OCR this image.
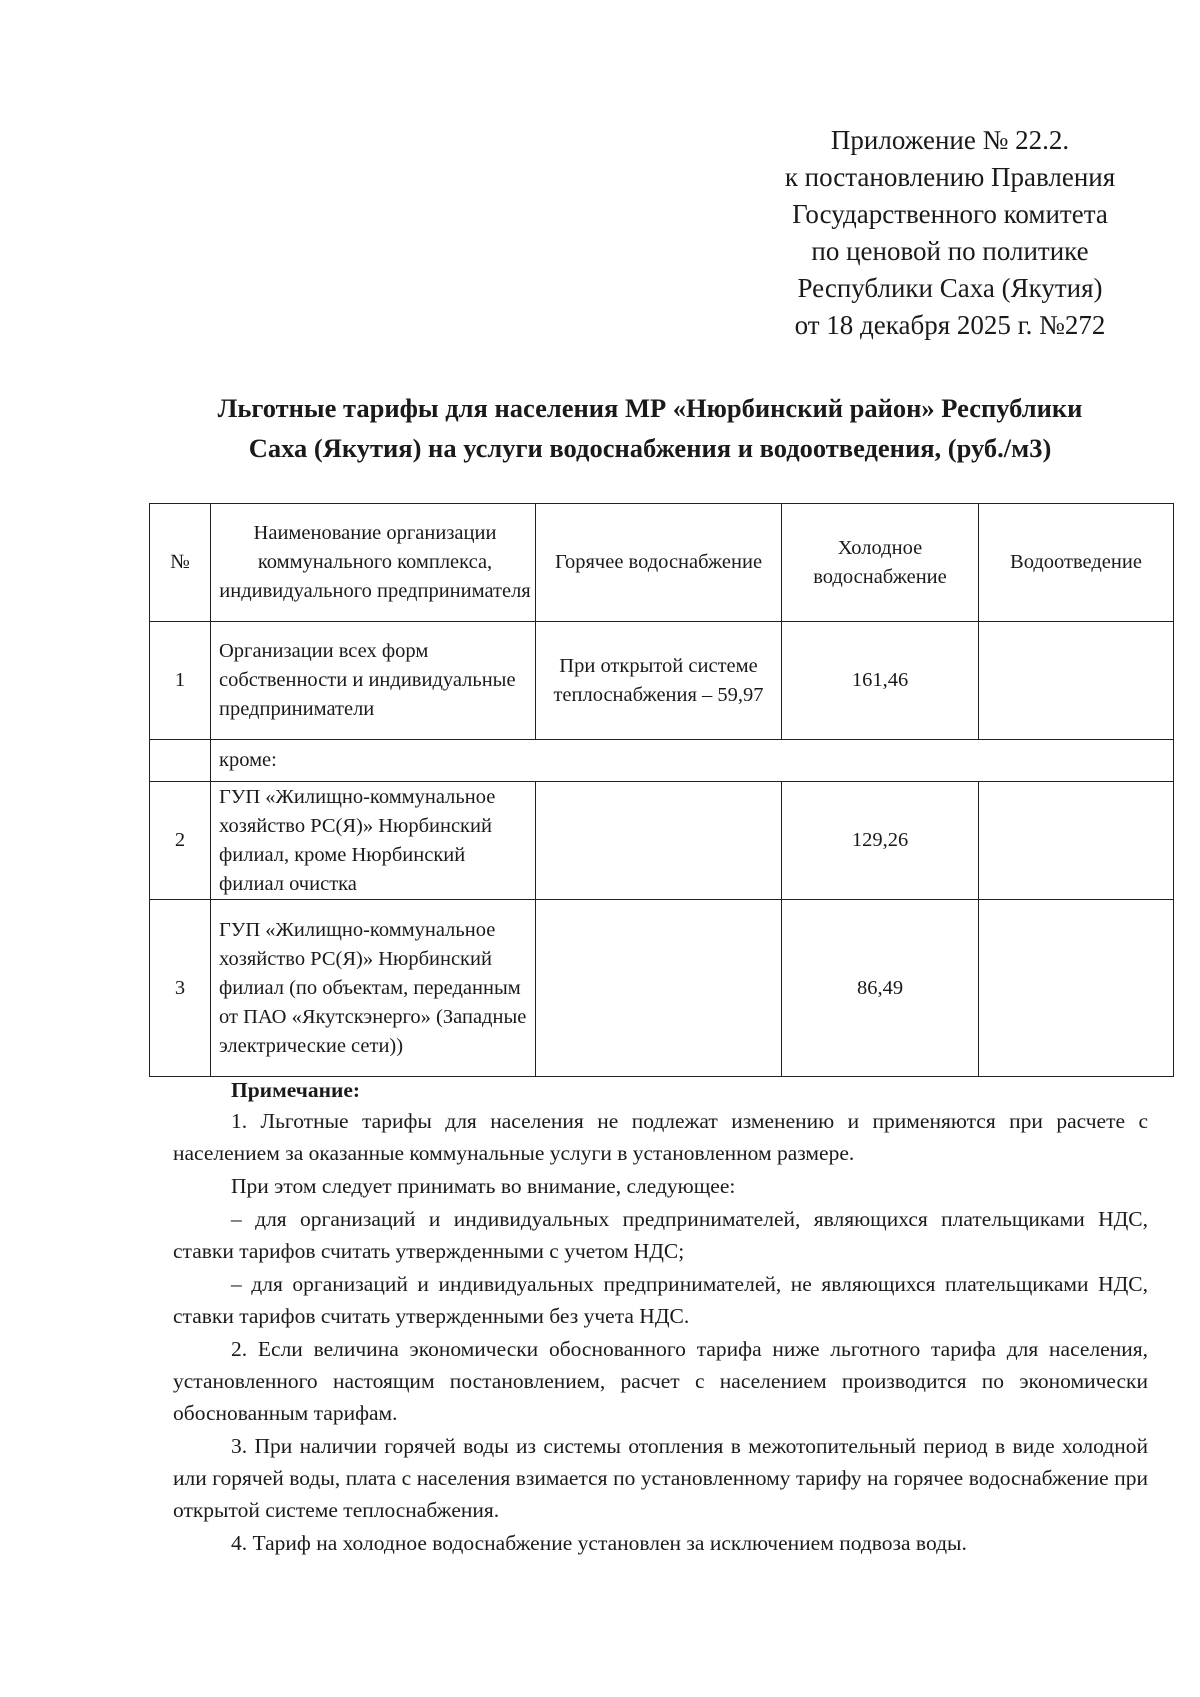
Приложение № 22.2.
к постановлению Правления
Государственного комитета
по ценовой по политике
Республики Саха (Якутия)
от 18 декабря 2025 г. №272
Льготные тарифы для населения МР «Нюрбинский район» Республики
Саха (Якутия) на услуги водоснабжения и водоотведения, (руб./м3)
№	Наименование организации коммунального комплекса, индивидуального предпринимателя	Горячее водоснабжение	Холодное водоснабжение	Водоотведение
1	Организации всех форм собственности и индивидуальные предприниматели	При открытой системе теплоснабжения – 59,97	161,46	
	кроме:			
2	ГУП «Жилищно-коммунальное хозяйство РС(Я)» Нюрбинский филиал, кроме Нюрбинский филиал очистка		129,26	
3	ГУП «Жилищно-коммунальное хозяйство РС(Я)» Нюрбинский филиал (по объектам, переданным от ПАО «Якутскэнерго» (Западные электрические сети))		86,49	
Примечание:

1. Льготные тарифы для населения не подлежат изменению и применяются при расчете с населением за оказанные коммунальные услуги в установленном размере.

При этом следует принимать во внимание, следующее:

– для организаций и индивидуальных предпринимателей, являющихся плательщиками НДС, ставки тарифов считать утвержденными с учетом НДС;

– для организаций и индивидуальных предпринимателей, не являющихся плательщиками НДС, ставки тарифов считать утвержденными без учета НДС.

2. Если величина экономически обоснованного тарифа ниже льготного тарифа для населения, установленного настоящим постановлением, расчет с населением производится по экономически обоснованным тарифам.

3. При наличии горячей воды из системы отопления в межотопительный период в виде холодной или горячей воды, плата с населения взимается по установленному тарифу на горячее водоснабжение при открытой системе теплоснабжения.

4. Тариф на холодное водоснабжение установлен за исключением подвоза воды.
